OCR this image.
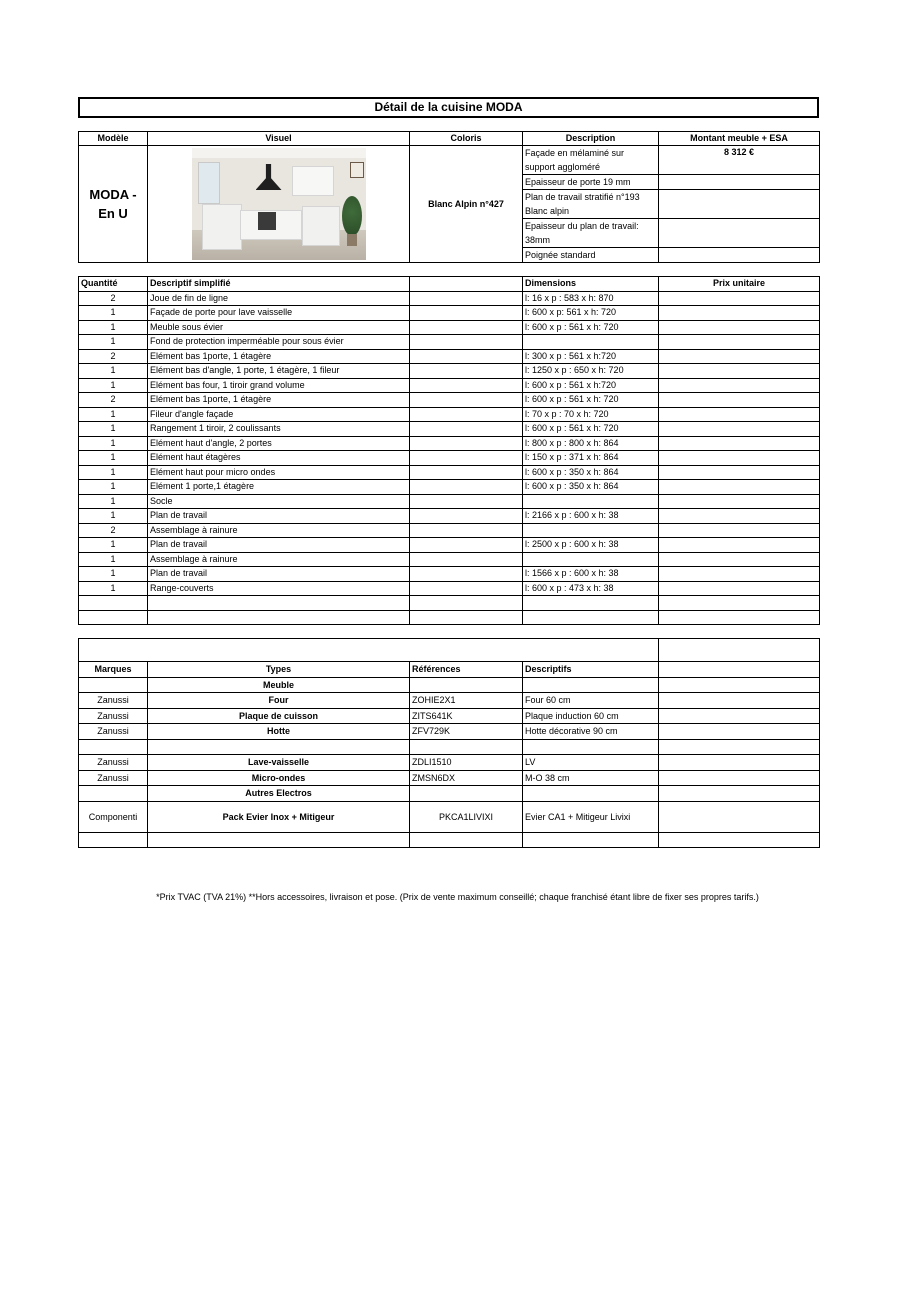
Détail de la cuisine MODA
Modèle	Visuel	Coloris	Description	Montant meuble + ESA
MODA - En U		Blanc Alpin n°427	Façade en mélaminé sur support aggloméré	8 312 €
			Epaisseur de porte 19 mm	
			Plan de travail stratifié n°193 Blanc alpin	
			Epaisseur du plan de travail: 38mm	
			Poignée standard	
Quantité	Descriptif simplifié		Dimensions	Prix unitaire
2	Joue de fin de ligne		l: 16 x p : 583 x h: 870	
1	Façade de porte pour lave vaisselle		l: 600 x p: 561 x h: 720	
1	Meuble sous évier		l: 600 x p : 561 x h: 720	
1	Fond de protection imperméable pour sous évier			
2	Elément bas 1porte, 1 étagère		l: 300 x p : 561 x h:720	
1	Elément bas d'angle, 1 porte, 1 étagère, 1 fileur		l: 1250 x p : 650 x h: 720	
1	Elément bas four, 1 tiroir grand volume		l: 600 x p : 561 x h:720	
2	Elément bas 1porte, 1 étagère		l: 600 x p : 561 x h: 720	
1	Fileur d'angle façade		l: 70 x p : 70 x h: 720	
1	Rangement 1 tiroir, 2 coulissants		l: 600 x p : 561 x h: 720	
1	Elément haut d'angle, 2 portes		l: 800 x p : 800 x h: 864	
1	Elément haut étagères		l: 150 x p : 371 x h: 864	
1	Elément haut pour micro ondes		l: 600 x p : 350 x h: 864	
1	Elément 1 porte,1 étagère		l: 600 x p : 350 x h: 864	
1	Socle			
1	Plan de travail		l: 2166 x p : 600 x h: 38	
2	Assemblage à rainure			
1	Plan de travail		l: 2500 x p : 600 x h: 38	
1	Assemblage à rainure			
1	Plan de travail		l: 1566 x p : 600 x h: 38	
1	Range-couverts		l: 600 x p : 473 x h: 38	

Marques	Types	Références	Descriptifs	
	Meuble			
Zanussi	Four	ZOHIE2X1	Four 60 cm	
Zanussi	Plaque de cuisson	ZITS641K	Plaque induction 60 cm	
Zanussi	Hotte	ZFV729K	Hotte décorative 90 cm	

Zanussi	Lave-vaisselle	ZDLI1510	LV	
Zanussi	Micro-ondes	ZMSN6DX	M-O 38 cm	
	Autres Electros			
Componenti	Pack Evier Inox + Mitigeur	PKCA1LIVIXI	Evier CA1 + Mitigeur Livixi	

*Prix TVAC (TVA 21%) **Hors accessoires, livraison et pose. (Prix de vente maximum conseillé; chaque franchisé étant libre de fixer ses propres tarifs.)
